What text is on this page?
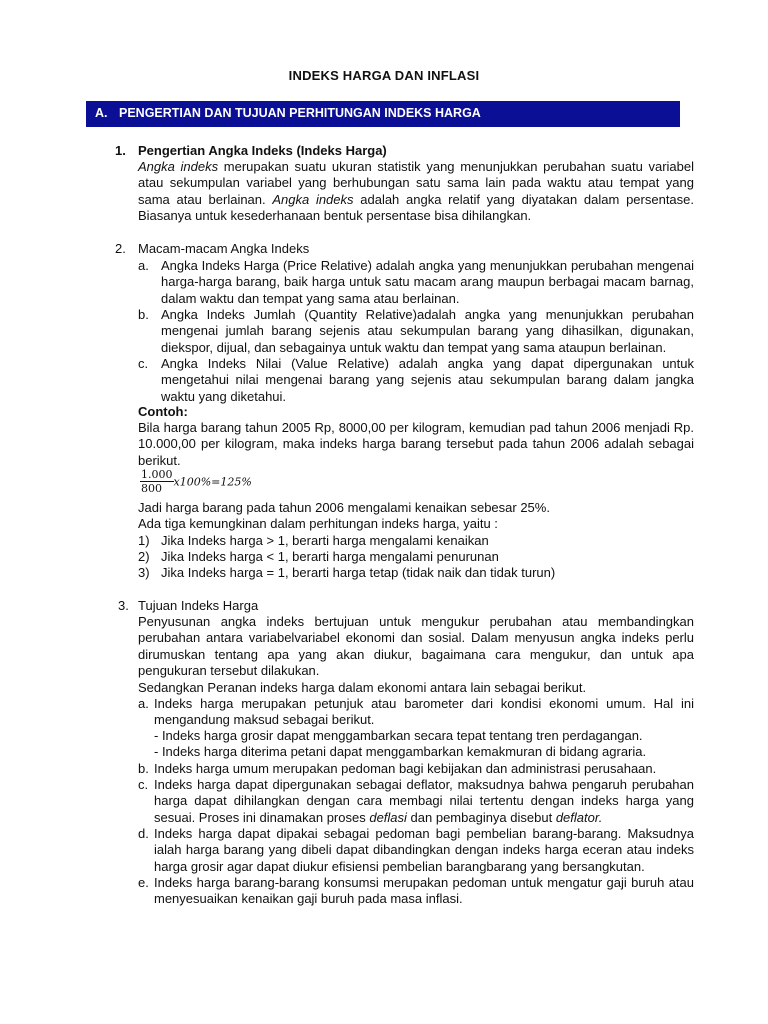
INDEKS HARGA DAN INFLASI
A. PENGERTIAN DAN TUJUAN PERHITUNGAN INDEKS HARGA
1. Pengertian Angka Indeks (Indeks Harga)

Angka indeks merupakan suatu ukuran statistik yang menunjukkan perubahan suatu variabel atau sekumpulan variabel yang berhubungan satu sama lain pada waktu atau tempat yang sama atau berlainan. Angka indeks adalah angka relatif yang diyatakan dalam persentase. Biasanya untuk kesederhanaan bentuk persentase bisa dihilangkan.

2. Macam-macam Angka Indeks
a. Angka Indeks Harga (Price Relative) adalah angka yang menunjukkan perubahan mengenai harga-harga barang, baik harga untuk satu macam arang maupun berbagai macam barnag, dalam waktu dan tempat yang sama atau berlainan.

b. Angka Indeks Jumlah (Quantity Relative)adalah angka yang menunjukkan perubahan mengenai jumlah barang sejenis atau sekumpulan barang yang dihasilkan, digunakan, diekspor, dijual, dan sebagainya untuk waktu dan tempat yang sama ataupun berlainan.

c. Angka Indeks Nilai (Value Relative) adalah angka yang dapat dipergunakan untuk mengetahui nilai mengenai barang yang sejenis atau sekumpulan barang dalam jangka waktu yang diketahui.

Contoh:

Bila harga barang tahun 2005 Rp, 8000,00 per kilogram, kemudian pad tahun 2006 menjadi Rp. 10.000,00 per kilogram, maka indeks harga barang tersebut pada tahun 2006 adalah sebagai berikut.

$\frac{1.000}{800} x100\%=125\%$

Jadi harga barang pada tahun 2006 mengalami kenaikan sebesar 25%.

Ada tiga kemungkinan dalam perhitungan indeks harga, yaitu :

1) Jika Indeks harga > 1, berarti harga mengalami kenaikan
2) Jika Indeks harga < 1, berarti harga mengalami penurunan
3) Jika Indeks harga = 1, berarti harga tetap (tidak naik dan tidak turun)
3. Tujuan Indeks Harga

Penyusunan angka indeks bertujuan untuk mengukur perubahan atau membandingkan perubahan antara variabelvariabel ekonomi dan sosial. Dalam menyusun angka indeks perlu dirumuskan tentang apa yang akan diukur, bagaimana cara mengukur, dan untuk apa pengukuran tersebut dilakukan.

Sedangkan Peranan indeks harga dalam ekonomi antara lain sebagai berikut.

a. Indeks harga merupakan petunjuk atau barometer dari kondisi ekonomi umum. Hal ini mengandung maksud sebagai berikut.

- Indeks harga grosir dapat menggambarkan secara tepat tentang tren perdagangan.

- Indeks harga diterima petani dapat menggambarkan kemakmuran di bidang agraria.

b. Indeks harga umum merupakan pedoman bagi kebijakan dan administrasi perusahaan.

c. Indeks harga dapat dipergunakan sebagai deflator, maksudnya bahwa pengaruh perubahan harga dapat dihilangkan dengan cara membagi nilai tertentu dengan indeks harga yang sesuai. Proses ini dinamakan proses deflasi dan pembaginya disebut deflator.

d. Indeks harga dapat dipakai sebagai pedoman bagi pembelian barang-barang. Maksudnya ialah harga barang yang dibeli dapat dibandingkan dengan indeks harga eceran atau indeks harga grosir agar dapat diukur efisiensi pembelian barangbarang yang bersangkutan.

e. Indeks harga barang-barang konsumsi merupakan pedoman untuk mengatur gaji buruh atau menyesuaikan kenaikan gaji buruh pada masa inflasi.
